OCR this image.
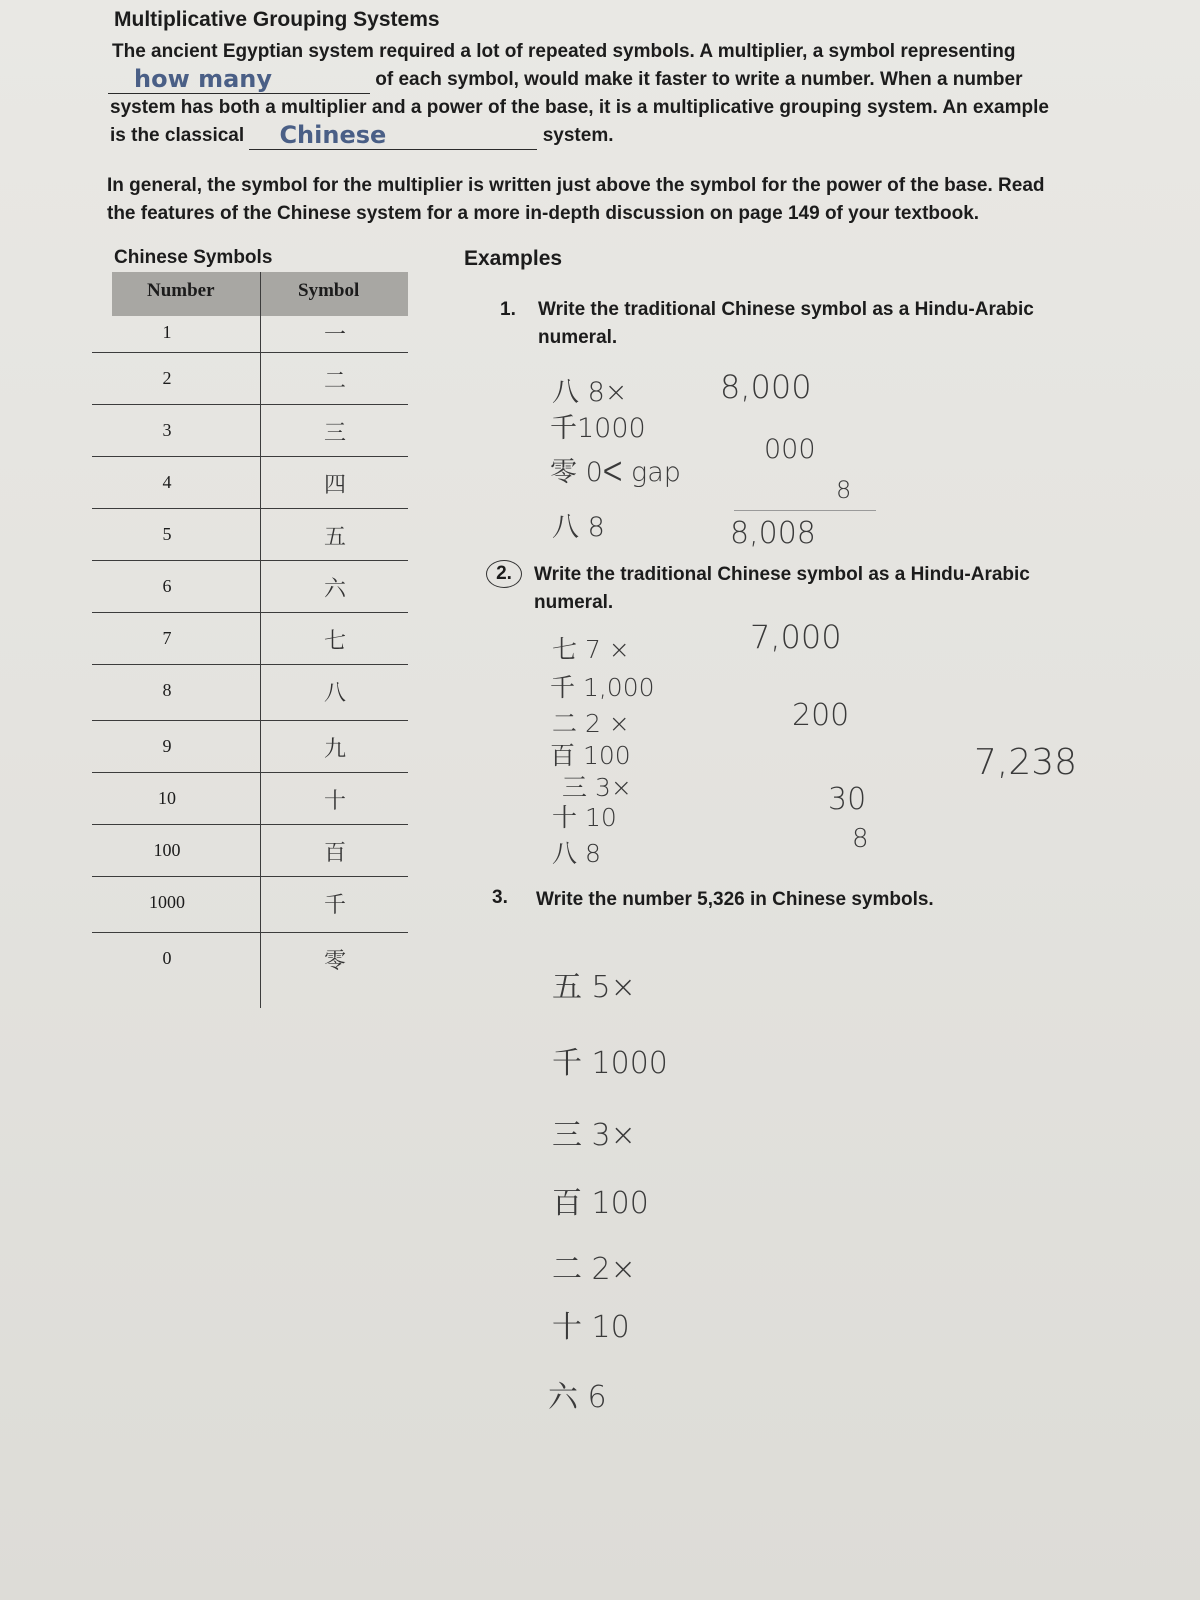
Multiplicative Grouping Systems
The ancient Egyptian system required a lot of repeated symbols. A multiplier, a symbol representing
how many	of each symbol, would make it faster to write a number. When a number
system has both a multiplier and a power of the base, it is a multiplicative grouping system. An example
is the classical Chinese	system.
In general, the symbol for the multiplier is written just above the symbol for the power of the base. Read
the features of the Chinese system for a more in-depth discussion on page 149 of your textbook.
Chinese Symbols
Number	Symbol
1	一
2	二
3	三
4	四
5	五
6	六
7	七
8	八
9	九
10	十
100	百
1000	千
0	零
Examples
1. Write the traditional Chinese symbol as a Hindu-Arabic
numeral.
八 8×
千1000
零 0ᐸ gap
八 8
8,000
000
8
8,008
2.	Write the traditional Chinese symbol as a Hindu-Arabic
numeral.
七 7 ×
千 1,000
二 2 ×
百 100
三 3×
十 10
八 8
7,000
200
30
8
7,238
3. Write the number 5,326 in Chinese symbols.
五 5×
千 1000
三 3×
百 100
二 2×
十 10
六 6
